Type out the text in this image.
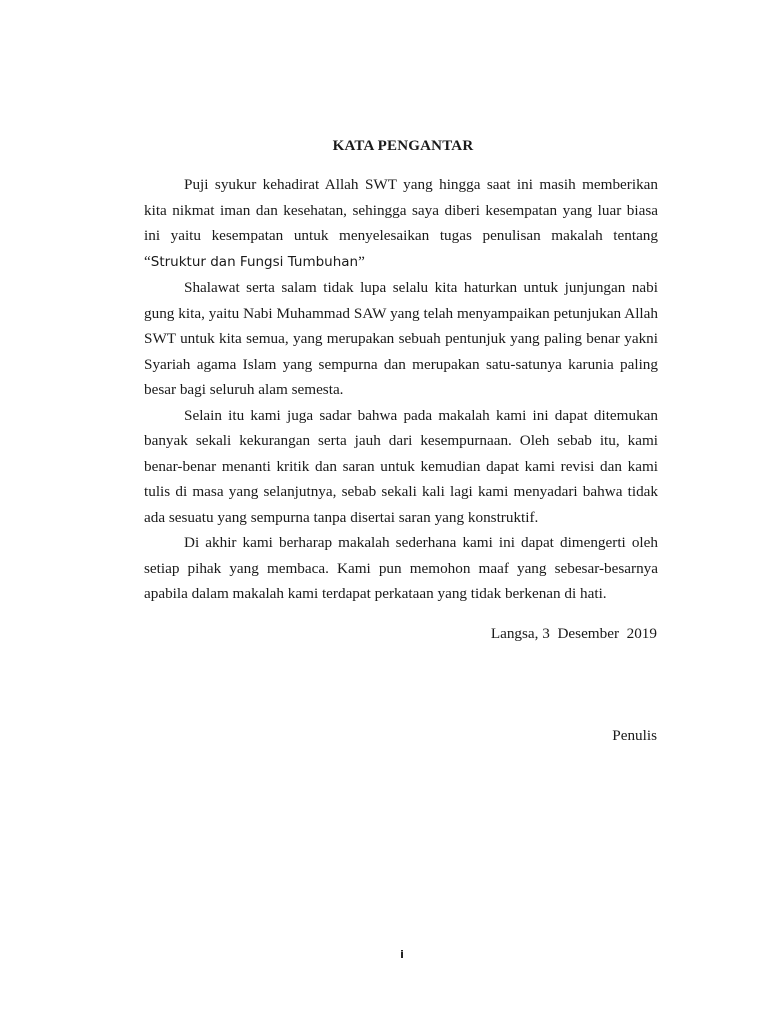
KATA PENGANTAR

Puji syukur kehadirat Allah SWT yang hingga saat ini masih memberikan kita nikmat iman dan kesehatan, sehingga saya diberi kesempatan yang luar biasa ini yaitu kesempatan untuk menyelesaikan tugas penulisan makalah tentang “Struktur dan Fungsi Tumbuhan”

Shalawat serta salam tidak lupa selalu kita haturkan untuk junjungan nabi gung kita, yaitu Nabi Muhammad SAW yang telah menyampaikan petunjukan Allah SWT untuk kita semua, yang merupakan sebuah pentunjuk yang paling benar yakni Syariah agama Islam yang sempurna dan merupakan satu-satunya karunia paling besar bagi seluruh alam semesta.

Selain itu kami juga sadar bahwa pada makalah kami ini dapat ditemukan banyak sekali kekurangan serta jauh dari kesempurnaan. Oleh sebab itu, kami benar-benar menanti kritik dan saran untuk kemudian dapat kami revisi dan kami tulis di masa yang selanjutnya, sebab sekali kali lagi kami menyadari bahwa tidak ada sesuatu yang sempurna tanpa disertai saran yang konstruktif.

Di akhir kami berharap makalah sederhana kami ini dapat dimengerti oleh setiap pihak yang membaca. Kami pun memohon maaf yang sebesar-besarnya apabila dalam makalah kami terdapat perkataan yang tidak berkenan di hati.

Langsa, 3  Desember  2019
Penulis
i
